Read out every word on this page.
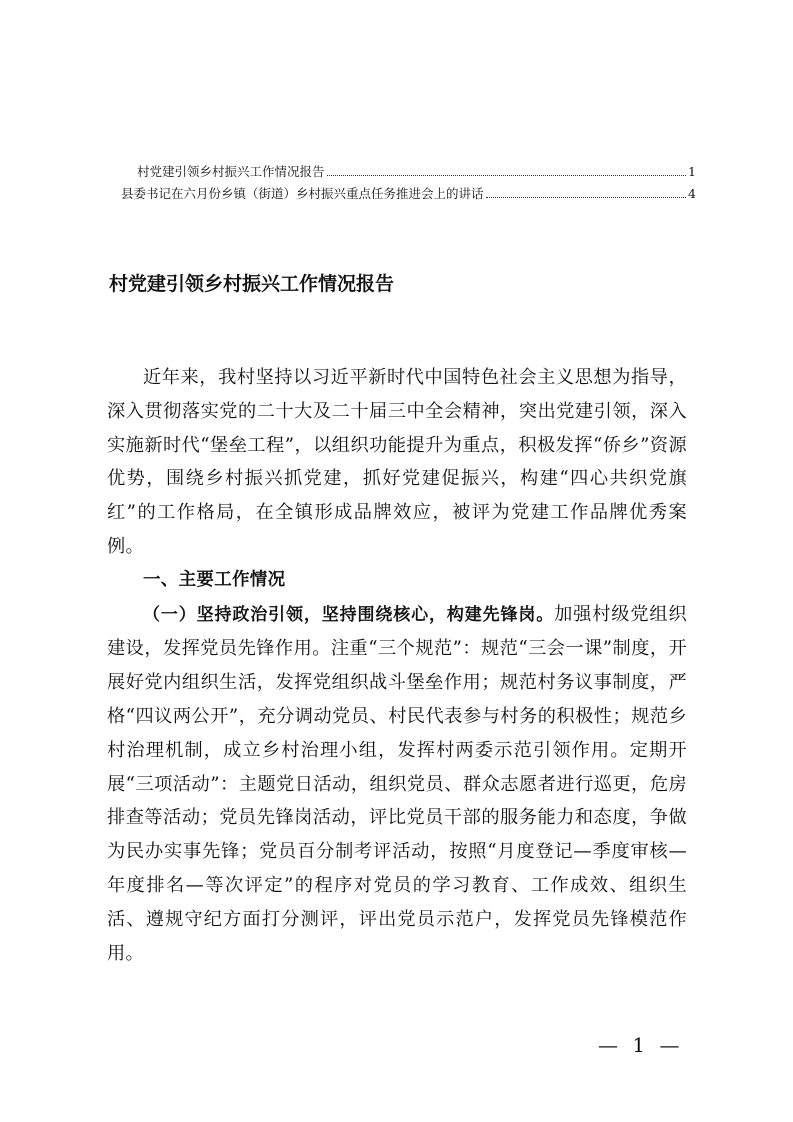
村党建引领乡村振兴工作情况报告	1
县委书记在六月份乡镇（街道）乡村振兴重点任务推进会上的讲话	4
村党建引领乡村振兴工作情况报告

近年来，我村坚持以习近平新时代中国特色社会主义思想为指导，深入贯彻落实党的二十大及二十届三中全会精神，突出党建引领，深入实施新时代“堡垒工程”，以组织功能提升为重点，积极发挥“侨乡”资源优势，围绕乡村振兴抓党建，抓好党建促振兴，构建“四心共织党旗红”的工作格局，在全镇形成品牌效应，被评为党建工作品牌优秀案例。

一、主要工作情况

（一）坚持政治引领，坚持围绕核心，构建先锋岗。加强村级党组织建设，发挥党员先锋作用。注重“三个规范”：规范“三会一课”制度，开展好党内组织生活，发挥党组织战斗堡垒作用；规范村务议事制度，严格“四议两公开”，充分调动党员、村民代表参与村务的积极性；规范乡村治理机制，成立乡村治理小组，发挥村两委示范引领作用。定期开展“三项活动”：主题党日活动，组织党员、群众志愿者进行巡更，危房排查等活动；党员先锋岗活动，评比党员干部的服务能力和态度，争做为民办实事先锋；党员百分制考评活动，按照“月度登记—季度审核—年度排名—等次评定”的程序对党员的学习教育、工作成效、组织生活、遵规守纪方面打分测评，评出党员示范户，发挥党员先锋模范作用。

— 1 —
